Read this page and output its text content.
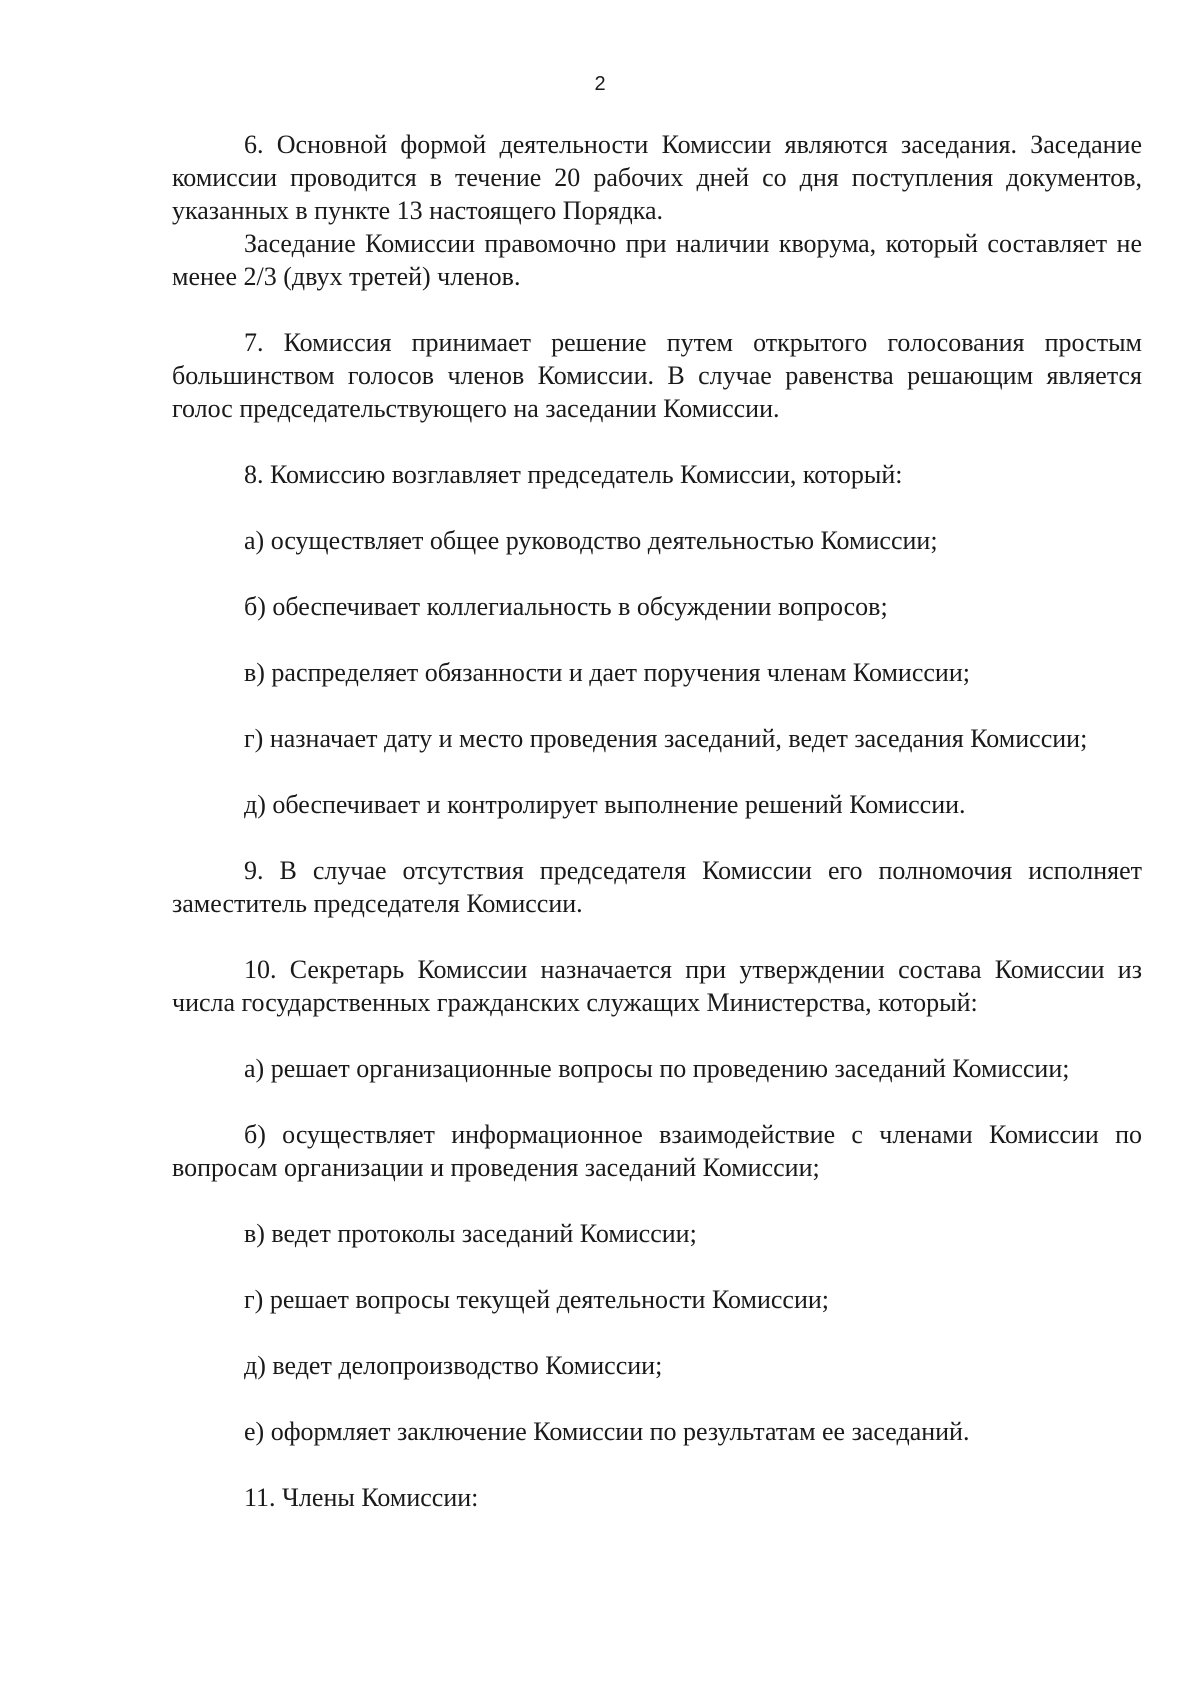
2

6. Основной формой деятельности Комиссии являются заседания. Заседание комиссии проводится в течение 20 рабочих дней со дня поступления документов, указанных в пункте 13 настоящего Порядка.

Заседание Комиссии правомочно при наличии кворума, который составляет не менее 2/3 (двух третей) членов.

7. Комиссия принимает решение путем открытого голосования простым большинством голосов членов Комиссии. В случае равенства решающим является голос председательствующего на заседании Комиссии.

8. Комиссию возглавляет председатель Комиссии, который:

а) осуществляет общее руководство деятельностью Комиссии;

б) обеспечивает коллегиальность в обсуждении вопросов;

в) распределяет обязанности и дает поручения членам Комиссии;

г) назначает дату и место проведения заседаний, ведет заседания Комиссии;

д) обеспечивает и контролирует выполнение решений Комиссии.

9. В случае отсутствия председателя Комиссии его полномочия исполняет заместитель председателя Комиссии.

10. Секретарь Комиссии назначается при утверждении состава Комиссии из числа государственных гражданских служащих Министерства, который:

а) решает организационные вопросы по проведению заседаний Комиссии;

б) осуществляет информационное взаимодействие с членами Комиссии по вопросам организации и проведения заседаний Комиссии;

в) ведет протоколы заседаний Комиссии;

г) решает вопросы текущей деятельности Комиссии;

д) ведет делопроизводство Комиссии;

е) оформляет заключение Комиссии по результатам ее заседаний.

11. Члены Комиссии:
